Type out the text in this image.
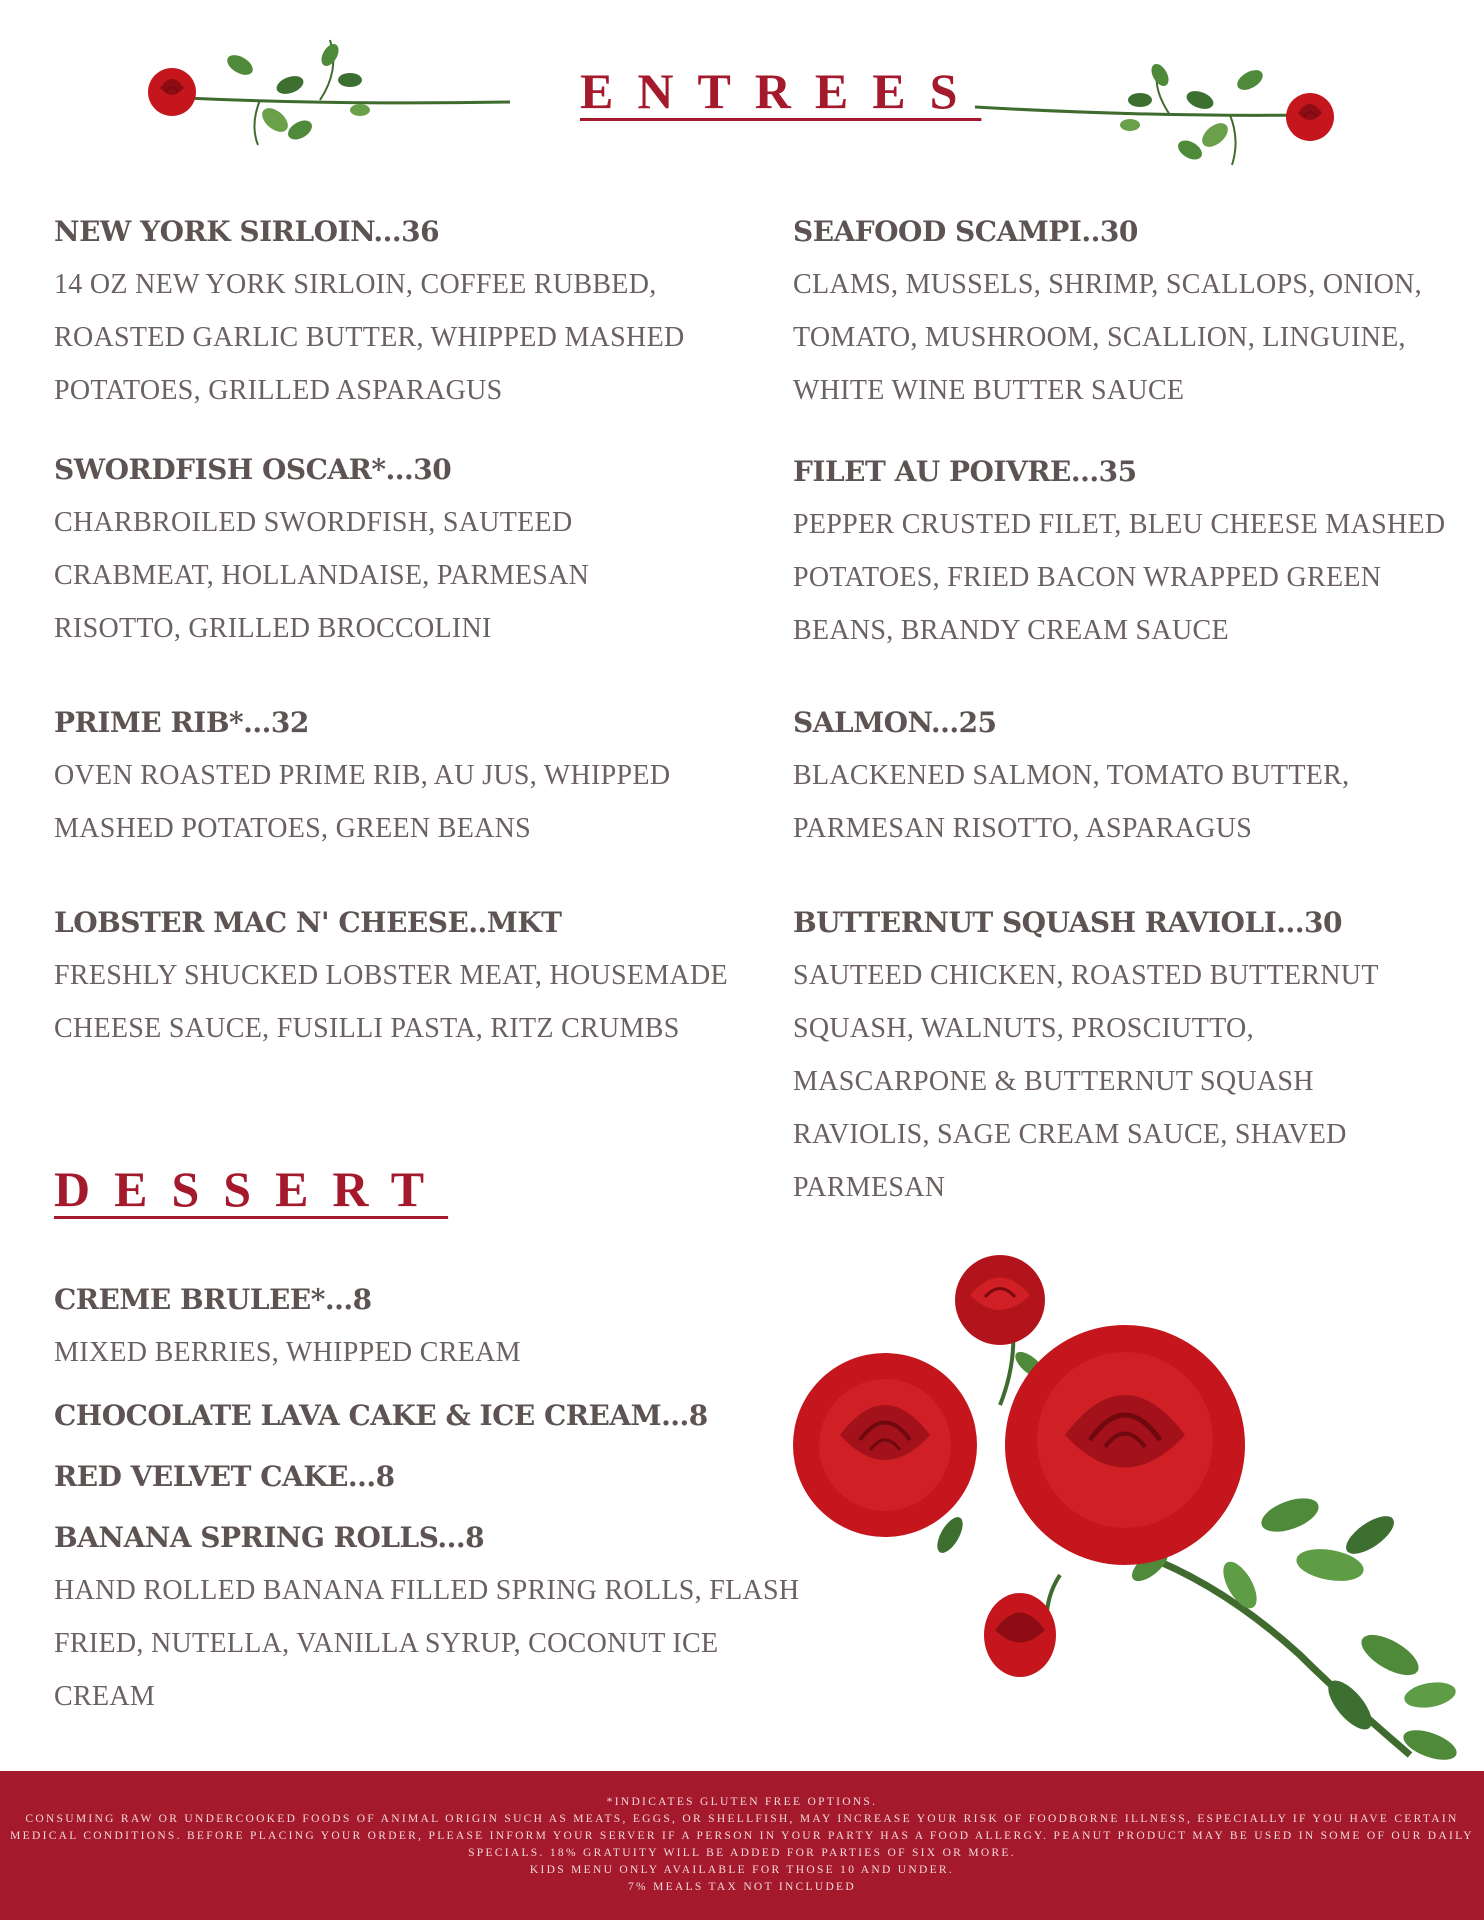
ENTREES

NEW YORK SIRLOIN...36

14 OZ NEW YORK SIRLOIN, COFFEE RUBBED, ROASTED GARLIC BUTTER, WHIPPED MASHED POTATOES, GRILLED ASPARAGUS

SWORDFISH OSCAR*...30

CHARBROILED SWORDFISH, SAUTEED CRABMEAT, HOLLANDAISE, PARMESAN RISOTTO, GRILLED BROCCOLINI

PRIME RIB*...32

OVEN ROASTED PRIME RIB, AU JUS, WHIPPED MASHED POTATOES, GREEN BEANS

LOBSTER MAC N' CHEESE..MKT

FRESHLY SHUCKED LOBSTER MEAT, HOUSEMADE CHEESE SAUCE, FUSILLI PASTA, RITZ CRUMBS

SEAFOOD SCAMPI..30

CLAMS, MUSSELS, SHRIMP, SCALLOPS, ONION, TOMATO, MUSHROOM, SCALLION, LINGUINE, WHITE WINE BUTTER SAUCE

FILET AU POIVRE...35

PEPPER CRUSTED FILET, BLEU CHEESE MASHED POTATOES, FRIED BACON WRAPPED GREEN BEANS, BRANDY CREAM SAUCE

SALMON...25

BLACKENED SALMON, TOMATO BUTTER, PARMESAN RISOTTO, ASPARAGUS

BUTTERNUT SQUASH RAVIOLI...30

SAUTEED CHICKEN, ROASTED BUTTERNUT SQUASH, WALNUTS, PROSCIUTTO, MASCARPONE & BUTTERNUT SQUASH RAVIOLIS, SAGE CREAM SAUCE, SHAVED PARMESAN

DESSERT

CREME BRULEE*...8

MIXED BERRIES, WHIPPED CREAM

CHOCOLATE LAVA CAKE & ICE CREAM...8

RED VELVET CAKE...8

BANANA SPRING ROLLS...8

HAND ROLLED BANANA FILLED SPRING ROLLS, FLASH FRIED, NUTELLA, VANILLA SYRUP, COCONUT ICE CREAM

*INDICATES GLUTEN FREE OPTIONS.

CONSUMING RAW OR UNDERCOOKED FOODS OF ANIMAL ORIGIN SUCH AS MEATS, EGGS, OR SHELLFISH, MAY INCREASE YOUR RISK OF FOODBORNE ILLNESS, ESPECIALLY IF YOU HAVE CERTAIN MEDICAL CONDITIONS. BEFORE PLACING YOUR ORDER, PLEASE INFORM YOUR SERVER IF A PERSON IN YOUR PARTY HAS A FOOD ALLERGY. PEANUT PRODUCT MAY BE USED IN SOME OF OUR DAILY SPECIALS. 18% GRATUITY WILL BE ADDED FOR PARTIES OF SIX OR MORE.

KIDS MENU ONLY AVAILABLE FOR THOSE 10 AND UNDER.

7% MEALS TAX NOT INCLUDED
